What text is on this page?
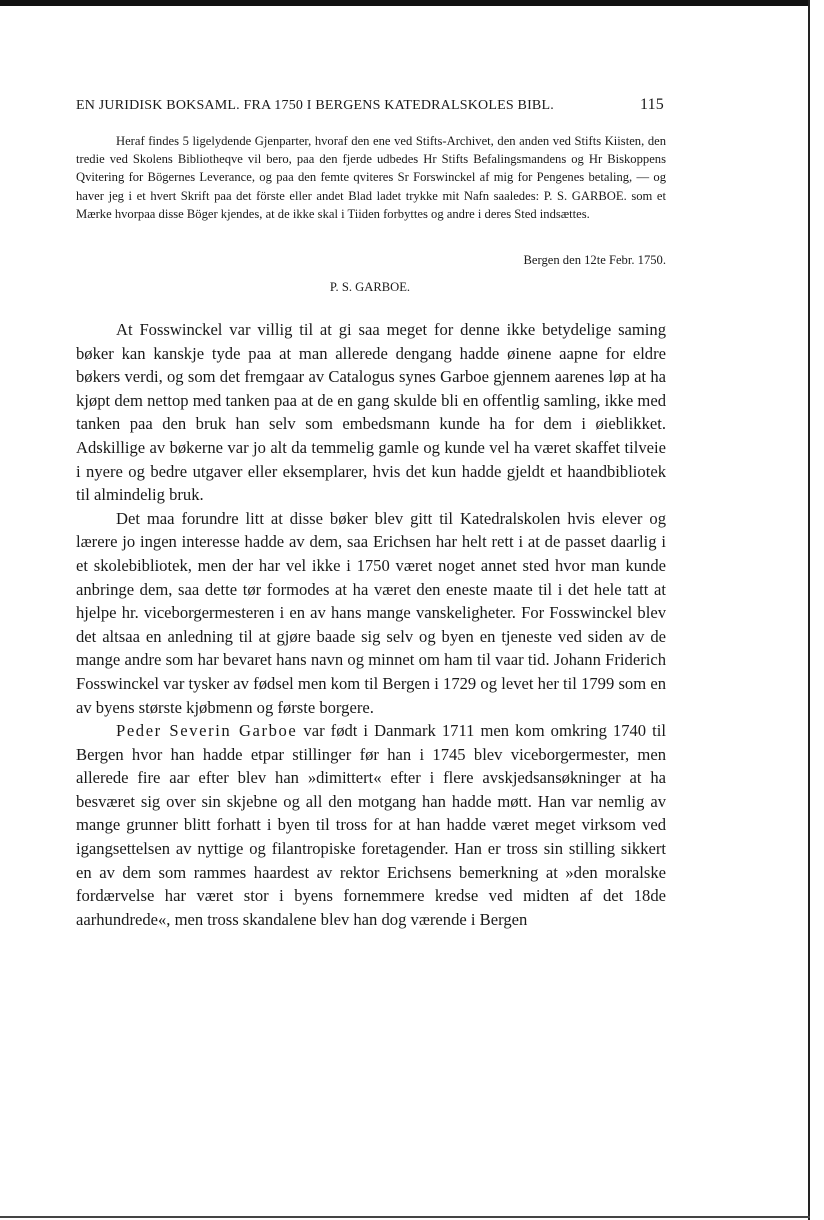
EN JURIDISK BOKSAML. FRA 1750 I BERGENS KATEDRALSKOLES BIBL.	115

Heraf findes 5 ligelydende Gjenparter, hvoraf den ene ved Stifts-Archivet, den anden ved Stifts Kiisten, den tredie ved Skolens Bibliotheqve vil bero, paa den fjerde udbedes Hr Stifts Befalingsmandens og Hr Biskoppens Qvitering for Bögernes Leverance, og paa den femte qviteres Sr Forswinckel af mig for Pengenes betaling, — og haver jeg i et hvert Skrift paa det förste eller andet Blad ladet trykke mit Nafn saaledes: P. S. GARBOE. som et Mærke hvorpaa disse Böger kjendes, at de ikke skal i Tiiden forbyttes og andre i deres Sted indsættes.

Bergen den 12te Febr. 1750.
P. S. GARBOE.

At Fosswinckel var villig til at gi saa meget for denne ikke betydelige saming bøker kan kanskje tyde paa at man allerede dengang hadde øinene aapne for eldre bøkers verdi, og som det fremgaar av Catalogus synes Garboe gjennem aarenes løp at ha kjøpt dem nettop med tanken paa at de en gang skulde bli en offentlig samling, ikke med tanken paa den bruk han selv som embedsmann kunde ha for dem i øieblikket. Adskillige av bøkerne var jo alt da temmelig gamle og kunde vel ha været skaffet tilveie i nyere og bedre utgaver eller eksemplarer, hvis det kun hadde gjeldt et haandbibliotek til almindelig bruk.

Det maa forundre litt at disse bøker blev gitt til Katedralskolen hvis elever og lærere jo ingen interesse hadde av dem, saa Erichsen har helt rett i at de passet daarlig i et skolebibliotek, men der har vel ikke i 1750 været noget annet sted hvor man kunde anbringe dem, saa dette tør formodes at ha været den eneste maate til i det hele tatt at hjelpe hr. viceborgermesteren i en av hans mange vanskeligheter. For Fosswinckel blev det altsaa en anledning til at gjøre baade sig selv og byen en tjeneste ved siden av de mange andre som har bevaret hans navn og minnet om ham til vaar tid. Johann Friderich Fosswinckel var tysker av fødsel men kom til Bergen i 1729 og levet her til 1799 som en av byens største kjøbmenn og første borgere.

Peder Severin Garboe var født i Danmark 1711 men kom omkring 1740 til Bergen hvor han hadde etpar stillinger før han i 1745 blev viceborgermester, men allerede fire aar efter blev han »dimittert« efter i flere avskjedsansøkninger at ha besværet sig over sin skjebne og all den motgang han hadde møtt. Han var nemlig av mange grunner blitt forhatt i byen til tross for at han hadde været meget virksom ved igangsettelsen av nyttige og filantropiske foretagender. Han er tross sin stilling sikkert en av dem som rammes haardest av rektor Erichsens bemerkning at »den moralske fordærvelse har været stor i byens fornemmere kredse ved midten af det 18de aarhundrede«, men tross skandalene blev han dog værende i Bergen
